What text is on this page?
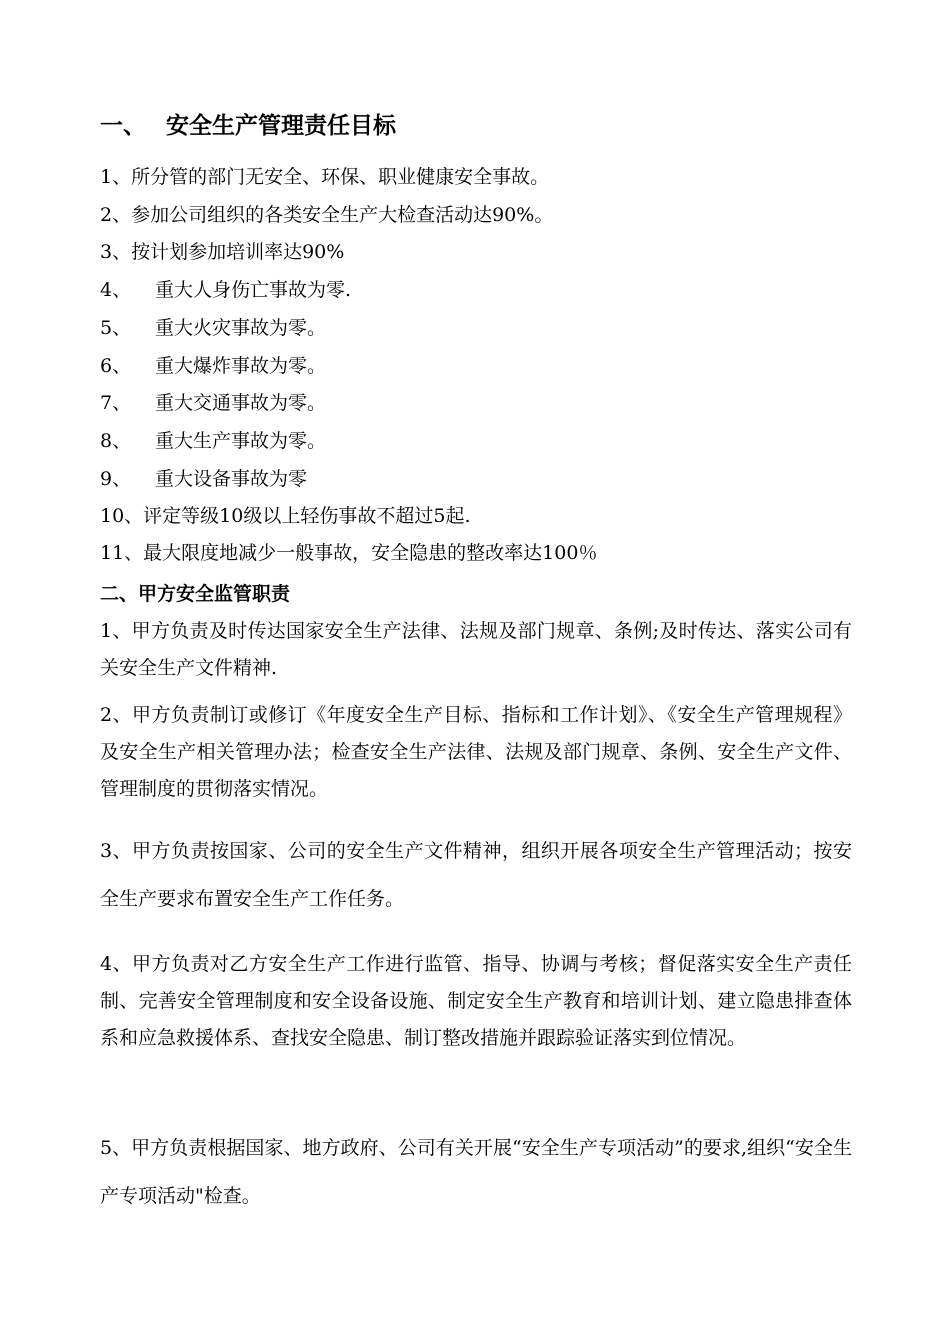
一、 安全生产管理责任目标
1、所分管的部门无安全、环保、职业健康安全事故。
2、参加公司组织的各类安全生产大检查活动达90%。
3、按计划参加培训率达90%
4、 重大人身伤亡事故为零.
5、 重大火灾事故为零。
6、 重大爆炸事故为零。
7、 重大交通事故为零。
8、 重大生产事故为零。
9、 重大设备事故为零
10、评定等级10级以上轻伤事故不超过5起.
11、最大限度地减少一般事故，安全隐患的整改率达100％
二、甲方安全监管职责
1、甲方负责及时传达国家安全生产法律、法规及部门规章、条例;及时传达、落实公司有关安全生产文件精神.
2、甲方负责制订或修订《年度安全生产目标、指标和工作计划》、《安全生产管理规程》及安全生产相关管理办法；检查安全生产法律、法规及部门规章、条例、安全生产文件、管理制度的贯彻落实情况。
3、甲方负责按国家、公司的安全生产文件精神，组织开展各项安全生产管理活动；按安全生产要求布置安全生产工作任务。
4、甲方负责对乙方安全生产工作进行监管、指导、协调与考核；督促落实安全生产责任制、完善安全管理制度和安全设备设施、制定安全生产教育和培训计划、建立隐患排查体系和应急救援体系、查找安全隐患、制订整改措施并跟踪验证落实到位情况。
5、甲方负责根据国家、地方政府、公司有关开展“安全生产专项活动”的要求,组织“安全生产专项活动"检查。
